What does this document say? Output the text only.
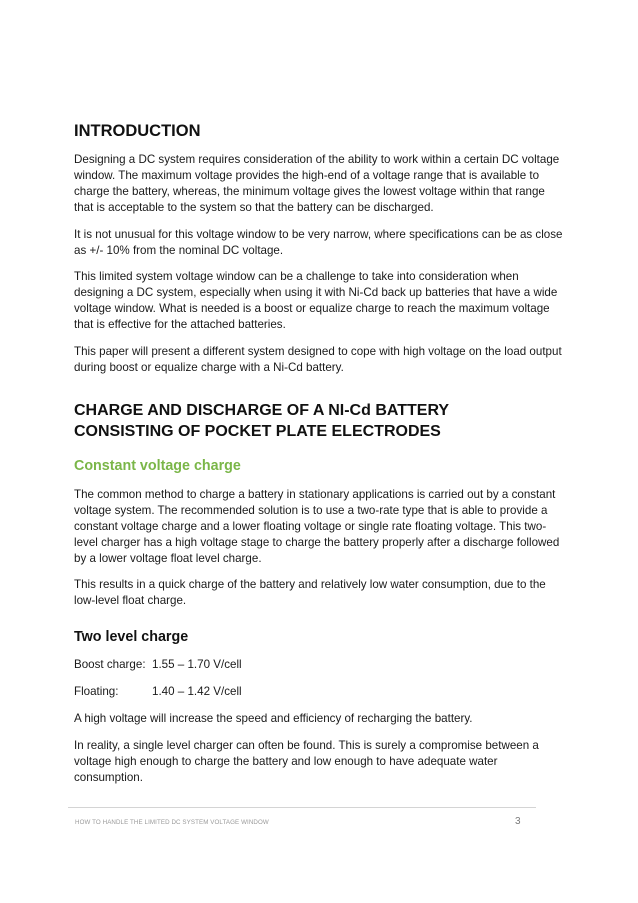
INTRODUCTION

Designing a DC system requires consideration of the ability to work within a certain DC voltage window. The maximum voltage provides the high-end of a voltage range that is available to charge the battery, whereas, the minimum voltage gives the lowest voltage within that range that is acceptable to the system so that the battery can be discharged.

It is not unusual for this voltage window to be very narrow, where specifications can be as close as +/- 10% from the nominal DC voltage.

This limited system voltage window can be a challenge to take into consideration when designing a DC system, especially when using it with Ni-Cd back up batteries that have a wide voltage window. What is needed is a boost or equalize charge to reach the maximum voltage that is effective for the attached batteries.

This paper will present a different system designed to cope with high voltage on the load output during boost or equalize charge with a Ni-Cd battery.

CHARGE AND DISCHARGE OF A NI-Cd BATTERY
CONSISTING OF POCKET PLATE ELECTRODES
Constant voltage charge

The common method to charge a battery in stationary applications is carried out by a constant voltage system. The recommended solution is to use a two-rate type that is able to provide a constant voltage charge and a lower floating voltage or single rate floating voltage. This two-level charger has a high voltage stage to charge the battery properly after a discharge followed by a lower voltage float level charge.

This results in a quick charge of the battery and relatively low water consumption, due to the low-level float charge.

Two level charge
Boost charge: 1.55 – 1.70 V/cell
Floating:	1.40 – 1.42 V/cell

A high voltage will increase the speed and efficiency of recharging the battery.

In reality, a single level charger can often be found. This is surely a compromise between a voltage high enough to charge the battery and low enough to have adequate water consumption.

HOW TO HANDLE THE LIMITED DC SYSTEM VOLTAGE WINDOW	3
